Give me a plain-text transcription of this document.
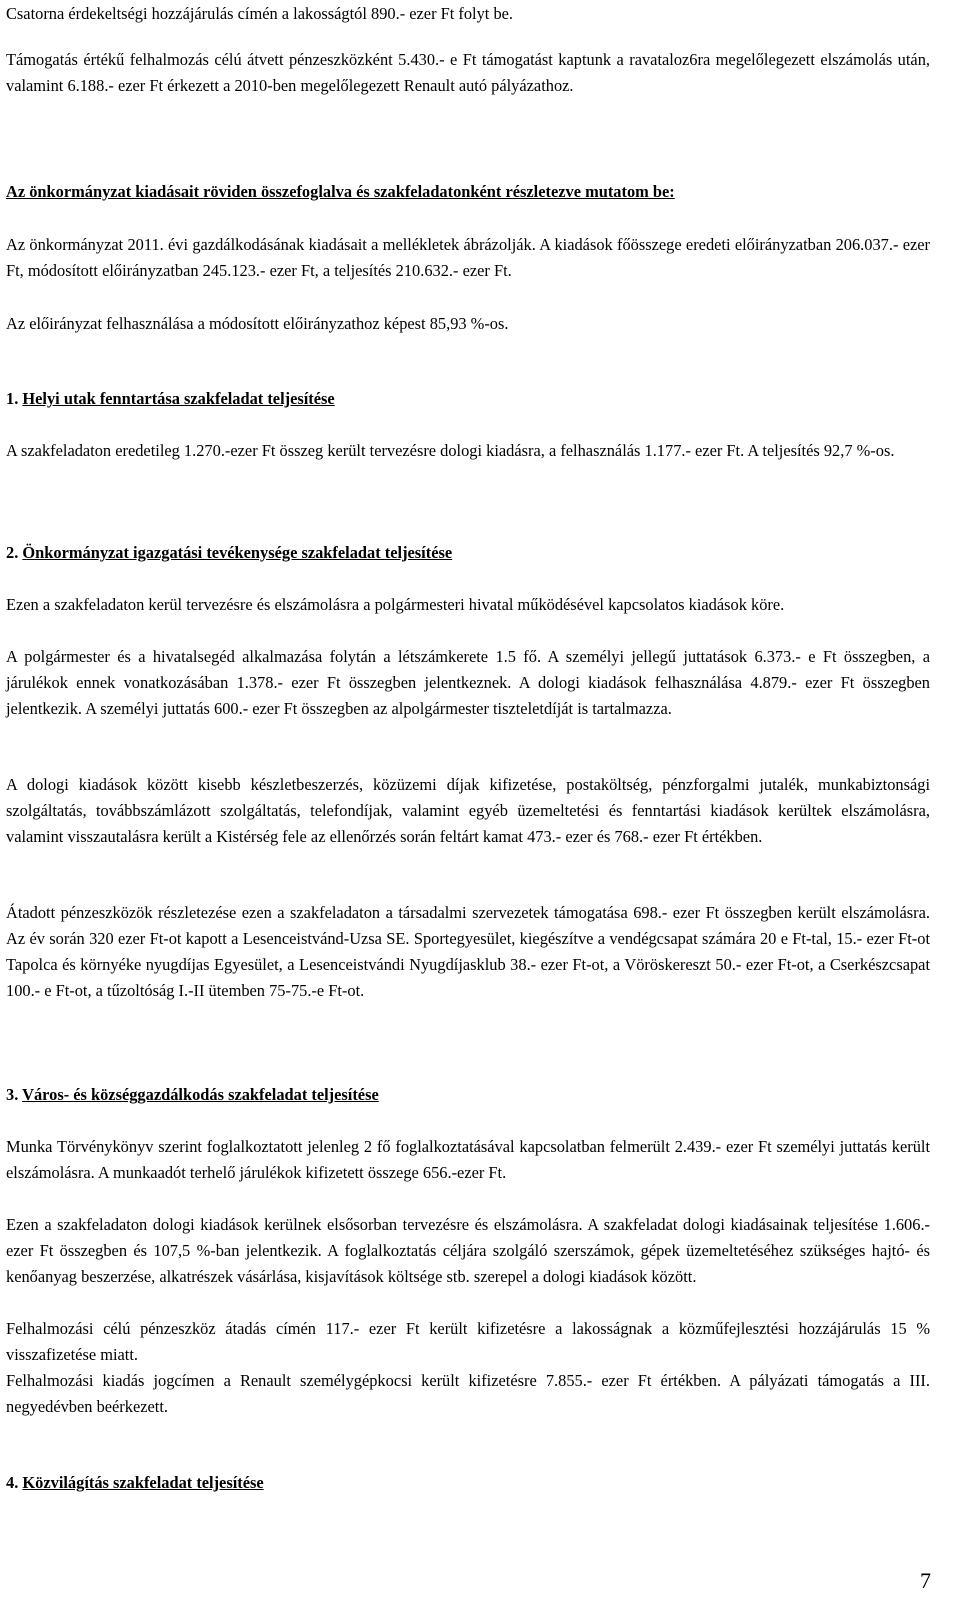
Csatorna érdekeltségi hozzájárulás címén a lakosságtól 890.- ezer Ft folyt be.

Támogatás értékű felhalmozás célú átvett pénzeszközként 5.430.- e Ft támogatást kaptunk a ravataloz6ra megelőlegezett elszámolás után, valamint 6.188.- ezer Ft érkezett a 2010-ben megelőlegezett Renault autó pályázathoz.

Az önkormányzat kiadásait röviden összefoglalva és szakfeladatonként részletezve mutatom be:

Az önkormányzat 2011. évi gazdálkodásának kiadásait a mellékletek ábrázolják. A kiadások főösszege eredeti előirányzatban 206.037.- ezer Ft, módosított előirányzatban 245.123.- ezer Ft, a teljesítés 210.632.- ezer Ft.

Az előirányzat felhasználása a módosított előirányzathoz képest 85,93 %-os.

1. Helyi utak fenntartása szakfeladat teljesítése

A szakfeladaton eredetileg 1.270.-ezer Ft összeg került tervezésre dologi kiadásra, a felhasználás 1.177.- ezer Ft. A teljesítés 92,7 %-os.

2. Önkormányzat igazgatási tevékenysége szakfeladat teljesítése

Ezen a szakfeladaton kerül tervezésre és elszámolásra a polgármesteri hivatal működésével kapcsolatos kiadások köre.

A polgármester és a hivatalsegéd alkalmazása folytán a létszámkerete 1.5 fő. A személyi jellegű juttatások 6.373.- e Ft összegben, a járulékok ennek vonatkozásában 1.378.- ezer Ft összegben jelentkeznek. A dologi kiadások felhasználása 4.879.- ezer Ft összegben jelentkezik. A személyi juttatás 600.- ezer Ft összegben az alpolgármester tiszteletdíját is tartalmazza.

A dologi kiadások között kisebb készletbeszerzés, közüzemi díjak kifizetése, postaköltség, pénzforgalmi jutalék, munkabiztonsági szolgáltatás, továbbszámlázott szolgáltatás, telefondíjak, valamint egyéb üzemeltetési és fenntartási kiadások kerültek elszámolásra, valamint visszautalásra került a Kistérség fele az ellenőrzés során feltárt kamat 473.- ezer és 768.- ezer Ft értékben.

Átadott pénzeszközök részletezése ezen a szakfeladaton a társadalmi szervezetek támogatása 698.- ezer Ft összegben került elszámolásra. Az év során 320 ezer Ft-ot kapott a Lesenceistvánd-Uzsa SE. Sportegyesület, kiegészítve a vendégcsapat számára 20 e Ft-tal, 15.- ezer Ft-ot Tapolca és környéke nyugdíjas Egyesület, a Lesenceistvándi Nyugdíjasklub 38.- ezer Ft-ot, a Vöröskereszt 50.- ezer Ft-ot, a Cserkészcsapat 100.- e Ft-ot, a tűzoltóság I.-II ütemben 75-75.-e Ft-ot.

3. Város- és községgazdálkodás szakfeladat teljesítése

Munka Törvénykönyv szerint foglalkoztatott jelenleg 2 fő foglalkoztatásával kapcsolatban felmerült 2.439.- ezer Ft személyi juttatás került elszámolásra. A munkaadót terhelő járulékok kifizetett összege 656.-ezer Ft.

Ezen a szakfeladaton dologi kiadások kerülnek elsősorban tervezésre és elszámolásra. A szakfeladat dologi kiadásainak teljesítése 1.606.- ezer Ft összegben és 107,5 %-ban jelentkezik. A foglalkoztatás céljára szolgáló szerszámok, gépek üzemeltetéséhez szükséges hajtó- és kenőanyag beszerzése, alkatrészek vásárlása, kisjavítások költsége stb. szerepel a dologi kiadások között.

Felhalmozási célú pénzeszköz átadás címén 117.- ezer Ft került kifizetésre a lakosságnak a közműfejlesztési hozzájárulás 15 % visszafizetése miatt.

Felhalmozási kiadás jogcímen a Renault személygépkocsi került kifizetésre 7.855.- ezer Ft értékben. A pályázati támogatás a III. negyedévben beérkezett.

4. Közvilágítás szakfeladat teljesítése
7
